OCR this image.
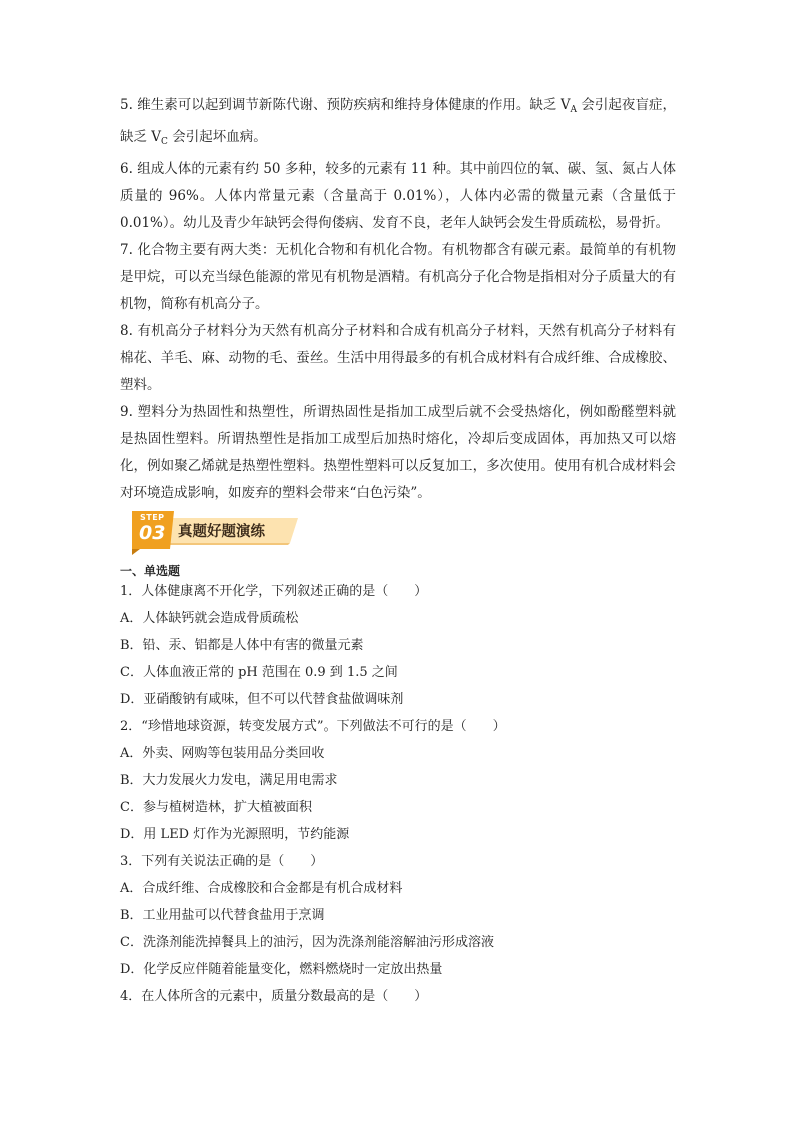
5. 维生素可以起到调节新陈代谢、预防疾病和维持身体健康的作用。缺乏 $V_A$ 会引起夜盲症，缺乏 $V_C$ 会引起坏血病。

6. 组成人体的元素有约 50 多种，较多的元素有 11 种。其中前四位的氧、碳、氢、氮占人体质量的 96%。人体内常量元素（含量高于 0.01%），人体内必需的微量元素（含量低于 0.01%）。幼儿及青少年缺钙会得佝偻病、发育不良，老年人缺钙会发生骨质疏松，易骨折。

7. 化合物主要有两大类：无机化合物和有机化合物。有机物都含有碳元素。最简单的有机物是甲烷，可以充当绿色能源的常见有机物是酒精。有机高分子化合物是指相对分子质量大的有机物，简称有机高分子。

8. 有机高分子材料分为天然有机高分子材料和合成有机高分子材料，天然有机高分子材料有棉花、羊毛、麻、动物的毛、蚕丝。生活中用得最多的有机合成材料有合成纤维、合成橡胶、塑料。

9. 塑料分为热固性和热塑性，所谓热固性是指加工成型后就不会受热熔化，例如酚醛塑料就是热固性塑料。所谓热塑性是指加工成型后加热时熔化，冷却后变成固体，再加热又可以熔化，例如聚乙烯就是热塑性塑料。热塑性塑料可以反复加工，多次使用。使用有机合成材料会对环境造成影响，如废弃的塑料会带来“白色污染”。

STEP
03 真题好题演练

一、单选题

1．人体健康离不开化学，下列叙述正确的是（　　）

A．人体缺钙就会造成骨质疏松

B．铅、汞、铝都是人体中有害的微量元素

C．人体血液正常的 pH 范围在 0.9 到 1.5 之间

D．亚硝酸钠有咸味，但不可以代替食盐做调味剂

2．“珍惜地球资源，转变发展方式”。下列做法不可行的是（　　）

A．外卖、网购等包装用品分类回收

B．大力发展火力发电，满足用电需求

C．参与植树造林，扩大植被面积

D．用 LED 灯作为光源照明，节约能源

3．下列有关说法正确的是（　　）

A．合成纤维、合成橡胶和合金都是有机合成材料

B．工业用盐可以代替食盐用于烹调

C．洗涤剂能洗掉餐具上的油污，因为洗涤剂能溶解油污形成溶液

D．化学反应伴随着能量变化，燃料燃烧时一定放出热量

4．在人体所含的元素中，质量分数最高的是（　　）
